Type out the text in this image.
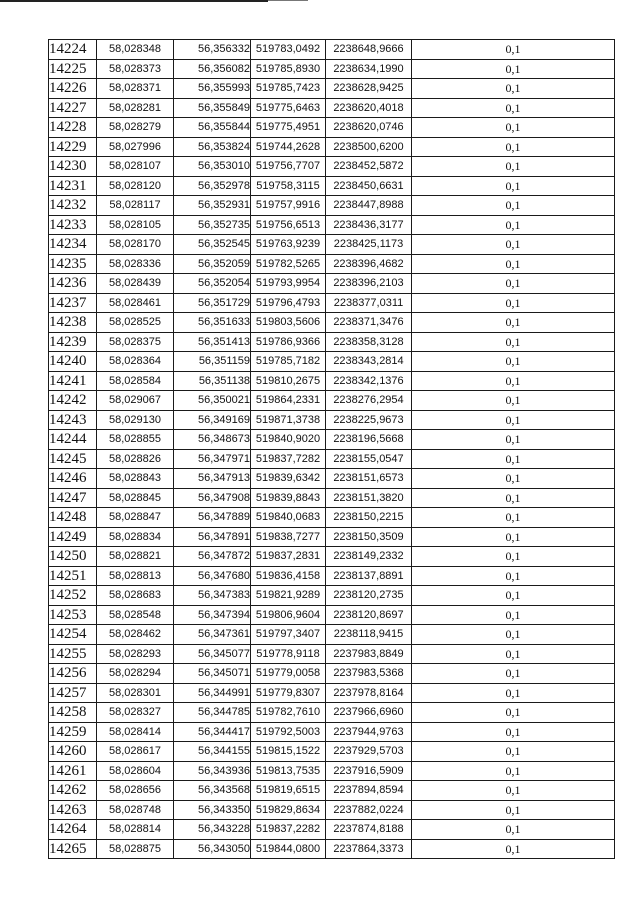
14224	58,028348	56,356332	519783,0492	2238648,9666	0,1
14225	58,028373	56,356082	519785,8930	2238634,1990	0,1
14226	58,028371	56,355993	519785,7423	2238628,9425	0,1
14227	58,028281	56,355849	519775,6463	2238620,4018	0,1
14228	58,028279	56,355844	519775,4951	2238620,0746	0,1
14229	58,027996	56,353824	519744,2628	2238500,6200	0,1
14230	58,028107	56,353010	519756,7707	2238452,5872	0,1
14231	58,028120	56,352978	519758,3115	2238450,6631	0,1
14232	58,028117	56,352931	519757,9916	2238447,8988	0,1
14233	58,028105	56,352735	519756,6513	2238436,3177	0,1
14234	58,028170	56,352545	519763,9239	2238425,1173	0,1
14235	58,028336	56,352059	519782,5265	2238396,4682	0,1
14236	58,028439	56,352054	519793,9954	2238396,2103	0,1
14237	58,028461	56,351729	519796,4793	2238377,0311	0,1
14238	58,028525	56,351633	519803,5606	2238371,3476	0,1
14239	58,028375	56,351413	519786,9366	2238358,3128	0,1
14240	58,028364	56,351159	519785,7182	2238343,2814	0,1
14241	58,028584	56,351138	519810,2675	2238342,1376	0,1
14242	58,029067	56,350021	519864,2331	2238276,2954	0,1
14243	58,029130	56,349169	519871,3738	2238225,9673	0,1
14244	58,028855	56,348673	519840,9020	2238196,5668	0,1
14245	58,028826	56,347971	519837,7282	2238155,0547	0,1
14246	58,028843	56,347913	519839,6342	2238151,6573	0,1
14247	58,028845	56,347908	519839,8843	2238151,3820	0,1
14248	58,028847	56,347889	519840,0683	2238150,2215	0,1
14249	58,028834	56,347891	519838,7277	2238150,3509	0,1
14250	58,028821	56,347872	519837,2831	2238149,2332	0,1
14251	58,028813	56,347680	519836,4158	2238137,8891	0,1
14252	58,028683	56,347383	519821,9289	2238120,2735	0,1
14253	58,028548	56,347394	519806,9604	2238120,8697	0,1
14254	58,028462	56,347361	519797,3407	2238118,9415	0,1
14255	58,028293	56,345077	519778,9118	2237983,8849	0,1
14256	58,028294	56,345071	519779,0058	2237983,5368	0,1
14257	58,028301	56,344991	519779,8307	2237978,8164	0,1
14258	58,028327	56,344785	519782,7610	2237966,6960	0,1
14259	58,028414	56,344417	519792,5003	2237944,9763	0,1
14260	58,028617	56,344155	519815,1522	2237929,5703	0,1
14261	58,028604	56,343936	519813,7535	2237916,5909	0,1
14262	58,028656	56,343568	519819,6515	2237894,8594	0,1
14263	58,028748	56,343350	519829,8634	2237882,0224	0,1
14264	58,028814	56,343228	519837,2282	2237874,8188	0,1
14265	58,028875	56,343050	519844,0800	2237864,3373	0,1
